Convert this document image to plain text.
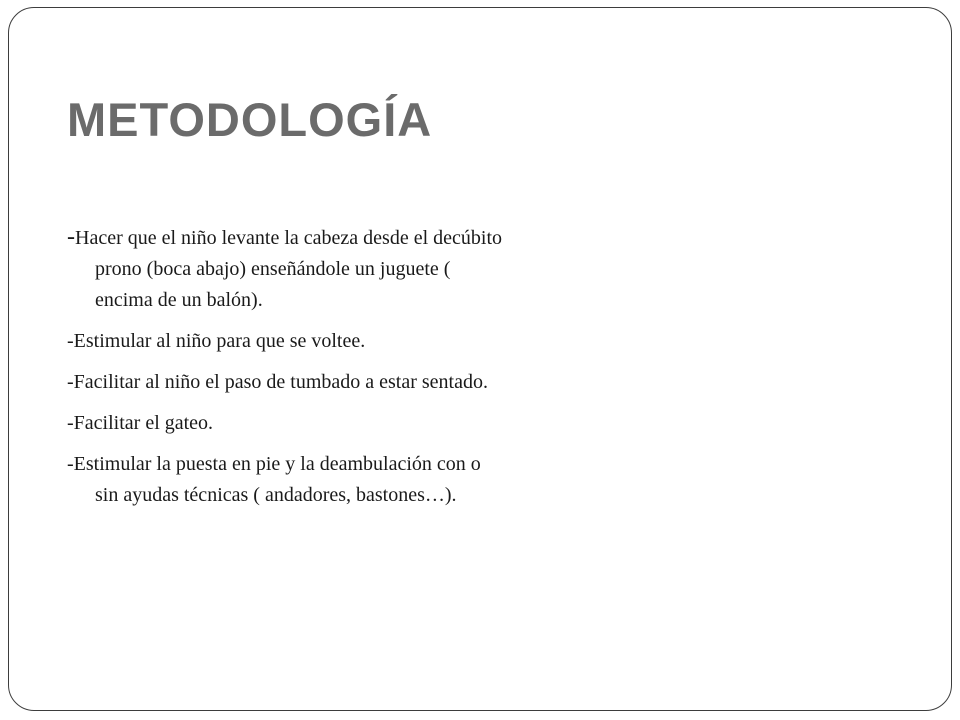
METODOLOGÍA
-Hacer que el niño levante la cabeza desde el decúbito prono (boca abajo) enseñándole un juguete ( encima de un balón).
-Estimular al niño para que se voltee.
-Facilitar al niño el paso de tumbado a estar sentado.
-Facilitar el gateo.
-Estimular la puesta en pie y la deambulación con o sin ayudas técnicas ( andadores, bastones…).
